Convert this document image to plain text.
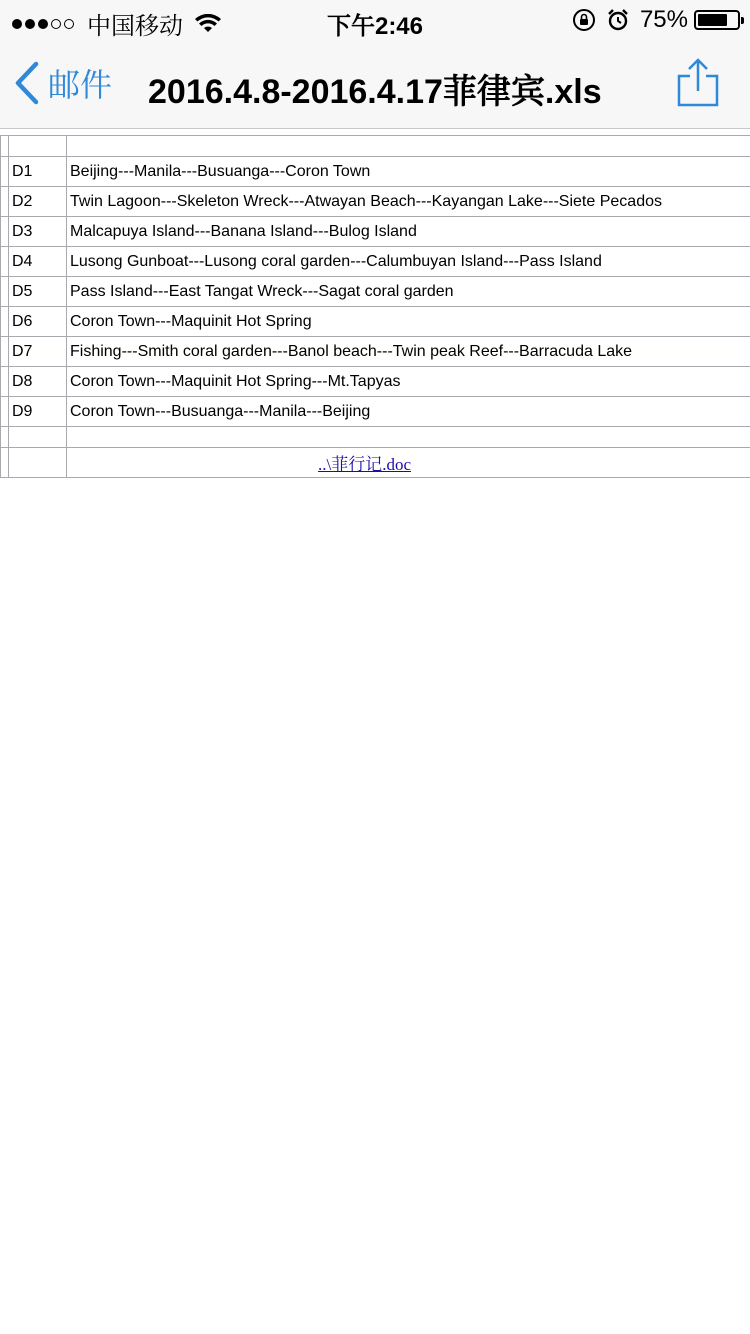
中国移动	下午2:46	75%
邮件 2016.4.8-2016.4.17菲律宾.xls

	D1	Beijing---Manila---Busuanga---Coron Town
	D2	Twin Lagoon---Skeleton Wreck---Atwayan Beach---Kayangan Lake---Siete Pecados
	D3	Malcapuya Island---Banana Island---Bulog Island
	D4	Lusong Gunboat---Lusong coral garden---Calumbuyan Island---Pass Island
	D5	Pass Island---East Tangat Wreck---Sagat coral garden
	D6	Coron Town---Maquinit Hot Spring
	D7	Fishing---Smith coral garden---Banol beach---Twin peak Reef---Barracuda Lake
	D8	Coron Town---Maquinit Hot Spring---Mt.Tapyas
	D9	Coron Town---Busuanga---Manila---Beijing

		..\菲行记.doc
